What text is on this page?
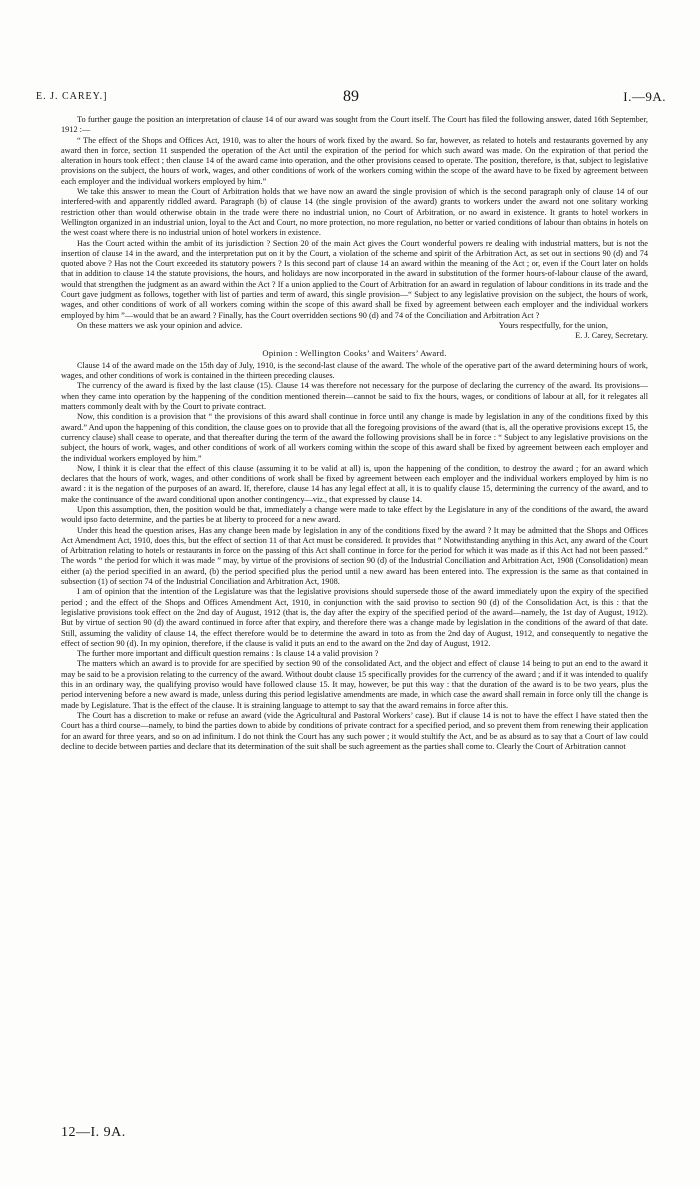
E. J. CAREY.]	89	I.—9A.

To further gauge the position an interpretation of clause 14 of our award was sought from the Court itself. The Court has filed the following answer, dated 16th September, 1912 :—

“ The effect of the Shops and Offices Act, 1910, was to alter the hours of work fixed by the award. So far, however, as related to hotels and restaurants governed by any award then in force, section 11 suspended the operation of the Act until the expiration of the period for which such award was made. On the expiration of that period the alteration in hours took effect ; then clause 14 of the award came into operation, and the other provisions ceased to operate. The position, therefore, is that, subject to legislative provisions on the subject, the hours of work, wages, and other conditions of work of the workers coming within the scope of the award have to be fixed by agreement between each employer and the individual workers employed by him.”

We take this answer to mean the Court of Arbitration holds that we have now an award the single provision of which is the second paragraph only of clause 14 of our interfered-with and apparently riddled award. Paragraph (b) of clause 14 (the single provision of the award) grants to workers under the award not one solitary working restriction other than would otherwise obtain in the trade were there no industrial union, no Court of Arbitration, or no award in existence. It grants to hotel workers in Wellington organized in an industrial union, loyal to the Act and Court, no more protection, no more regulation, no better or varied conditions of labour than obtains in hotels on the west coast where there is no industrial union of hotel workers in existence.

Has the Court acted within the ambit of its jurisdiction ? Section 20 of the main Act gives the Court wonderful powers re dealing with industrial matters, but is not the insertion of clause 14 in the award, and the interpretation put on it by the Court, a violation of the scheme and spirit of the Arbitration Act, as set out in sections 90 (d) and 74 quoted above ? Has not the Court exceeded its statutory powers ? Is this second part of clause 14 an award within the meaning of the Act ; or, even if the Court later on holds that in addition to clause 14 the statute provisions, the hours, and holidays are now incorporated in the award in substitution of the former hours-of-labour clause of the award, would that strengthen the judgment as an award within the Act ? If a union applied to the Court of Arbitration for an award in regulation of labour conditions in its trade and the Court gave judgment as follows, together with list of parties and term of award, this single provision—“ Subject to any legislative provision on the subject, the hours of work, wages, and other conditions of work of all workers coming within the scope of this award shall be fixed by agreement between each employer and the individual workers employed by him ”—would that be an award ? Finally, has the Court overridden sections 90 (d) and 74 of the Conciliation and Arbitration Act ?

On these matters we ask your opinion and advice.	Yours respectfully, for the union,

E. J. Carey, Secretary.

Opinion : Wellington Cooks’ and Waiters’ Award.

Clause 14 of the award made on the 15th day of July, 1910, is the second-last clause of the award. The whole of the operative part of the award determining hours of work, wages, and other conditions of work is contained in the thirteen preceding clauses.

The currency of the award is fixed by the last clause (15). Clause 14 was therefore not necessary for the purpose of declaring the currency of the award. Its provisions—when they came into operation by the happening of the condition mentioned therein—cannot be said to fix the hours, wages, or conditions of labour at all, for it relegates all matters commonly dealt with by the Court to private contract.

Now, this condition is a provision that “ the provisions of this award shall continue in force until any change is made by legislation in any of the conditions fixed by this award.” And upon the happening of this condition, the clause goes on to provide that all the foregoing provisions of the award (that is, all the operative provisions except 15, the currency clause) shall cease to operate, and that thereafter during the term of the award the following provisions shall be in force : “ Subject to any legislative provisions on the subject, the hours of work, wages, and other conditions of work of all workers coming within the scope of this award shall be fixed by agreement between each employer and the individual workers employed by him.”

Now, I think it is clear that the effect of this clause (assuming it to be valid at all) is, upon the happening of the condition, to destroy the award ; for an award which declares that the hours of work, wages, and other conditions of work shall be fixed by agreement between each employer and the individual workers employed by him is no award : it is the negation of the purposes of an award. If, therefore, clause 14 has any legal effect at all, it is to qualify clause 15, determining the currency of the award, and to make the continuance of the award conditional upon another contingency—viz., that expressed by clause 14.

Upon this assumption, then, the position would be that, immediately a change were made to take effect by the Legislature in any of the conditions of the award, the award would ipso facto determine, and the parties be at liberty to proceed for a new award.

Under this head the question arises, Has any change been made by legislation in any of the conditions fixed by the award ? It may be admitted that the Shops and Offices Act Amendment Act, 1910, does this, but the effect of section 11 of that Act must be considered. It provides that “ Notwithstanding anything in this Act, any award of the Court of Arbitration relating to hotels or restaurants in force on the passing of this Act shall continue in force for the period for which it was made as if this Act had not been passed.” The words “ the period for which it was made ” may, by virtue of the provisions of section 90 (d) of the Industrial Conciliation and Arbitration Act, 1908 (Consolidation) mean either (a) the period specified in an award, (b) the period specified plus the period until a new award has been entered into. The expression is the same as that contained in subsection (1) of section 74 of the Industrial Conciliation and Arbitration Act, 1908.

I am of opinion that the intention of the Legislature was that the legislative provisions should supersede those of the award immediately upon the expiry of the specified period ; and the effect of the Shops and Offices Amendment Act, 1910, in conjunction with the said proviso to section 90 (d) of the Consolidation Act, is this : that the legislative provisions took effect on the 2nd day of August, 1912 (that is, the day after the expiry of the specified period of the award—namely, the 1st day of August, 1912). But by virtue of section 90 (d) the award continued in force after that expiry, and therefore there was a change made by legislation in the conditions of the award of that date. Still, assuming the validity of clause 14, the effect therefore would be to determine the award in toto as from the 2nd day of August, 1912, and consequently to negative the effect of section 90 (d). In my opinion, therefore, if the clause is valid it puts an end to the award on the 2nd day of August, 1912.

The further more important and difficult question remains : Is clause 14 a valid provision ?

The matters which an award is to provide for are specified by section 90 of the consolidated Act, and the object and effect of clause 14 being to put an end to the award it may be said to be a provision relating to the currency of the award. Without doubt clause 15 specifically provides for the currency of the award ; and if it was intended to qualify this in an ordinary way, the qualifying proviso would have followed clause 15. It may, however, be put this way : that the duration of the award is to be two years, plus the period intervening before a new award is made, unless during this period legislative amendments are made, in which case the award shall remain in force only till the change is made by Legislature. That is the effect of the clause. It is straining language to attempt to say that the award remains in force after this.

The Court has a discretion to make or refuse an award (vide the Agricultural and Pastoral Workers’ case). But if clause 14 is not to have the effect I have stated then the Court has a third course—namely, to bind the parties down to abide by conditions of private contract for a specified period, and so prevent them from renewing their application for an award for three years, and so on ad infinitum. I do not think the Court has any such power ; it would stultify the Act, and be as absurd as to say that a Court of law could decline to decide between parties and declare that its determination of the suit shall be such agreement as the parties shall come to. Clearly the Court of Arbitration cannot

12—I. 9A.
